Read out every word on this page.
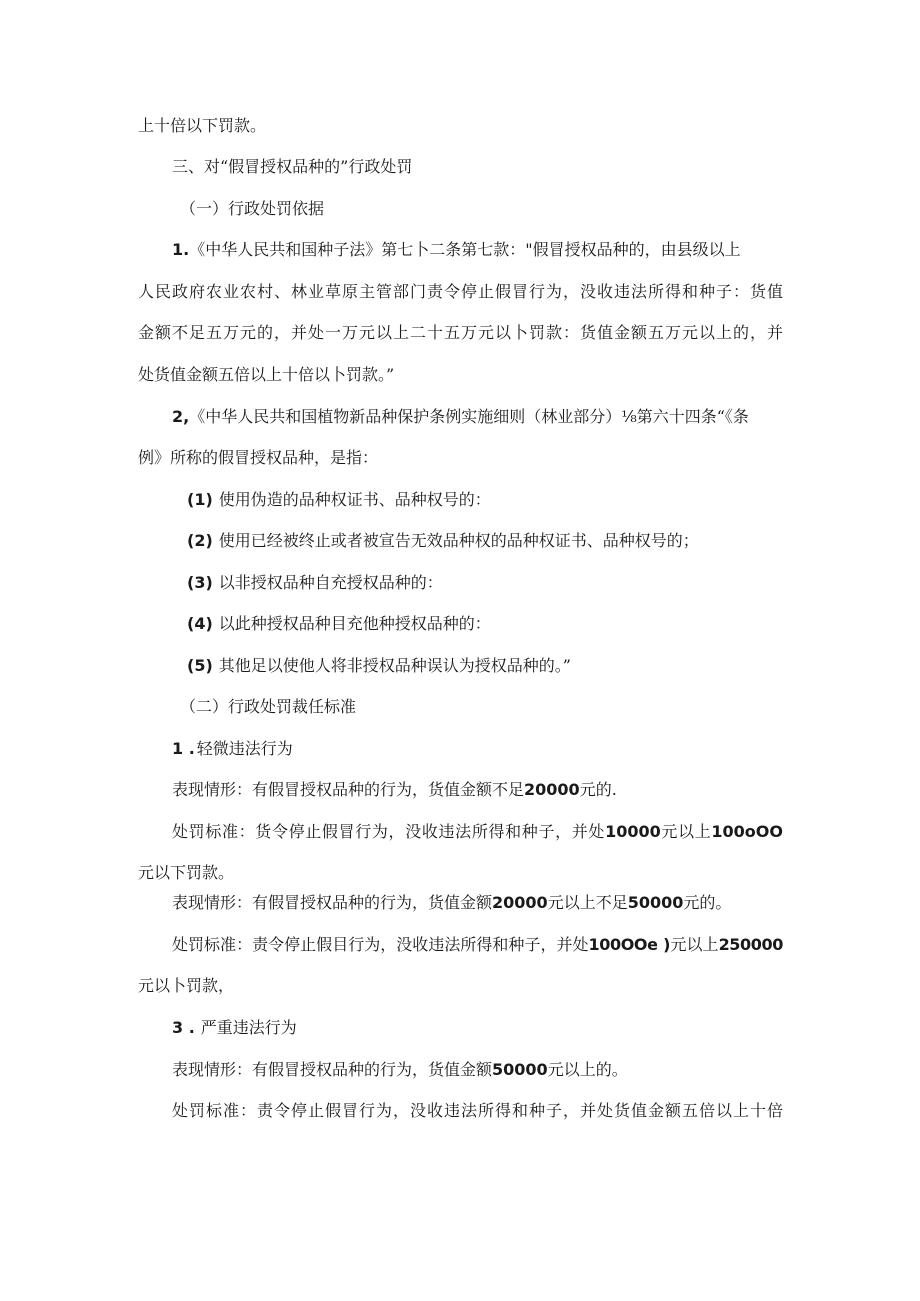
上十倍以下罚款。

三、对“假冒授权品种的”行政处罚

（一）行政处罚依据

1.《中华人民共和国种子法》第七卜二条第七款："假冒授权品种的，由县级以上

人民政府农业农村、林业草原主管部门责令停止假冒行为，没收违法所得和种子：货值

金额不足五万元的，并处一万元以上二十五万元以卜罚款：货值金额五万元以上的，并

处货值金额五倍以上十倍以卜罚款。”

2,《中华人民共和国植物新品种保护条例实施细则（林业部分）⅛第六十四条“《条

例》所称的假冒授权品种，是指：

(1) 使用伪造的品种权证书、品种权号的：

(2) 使用已经被终止或者被宣告无效品种权的品种权证书、品种权号的；

(3) 以非授权品种自充授权品种的：

(4) 以此种授权品种目充他种授权品种的：

(5) 其他足以使他人将非授权品种误认为授权品种的。”

（二）行政处罚裁任标准

1 . 轻微违法行为

表现情形：有假冒授权品种的行为，货值金额不足20000元的.

处罚标准：货令停止假冒行为，没收违法所得和种子，并处10000元以上100oOO

元以下罚款。

表现情形：有假冒授权品种的行为，货值金额20000元以上不足50000元的。

处罚标准：责令停止假目行为，没收违法所得和种子，并处100OOe )元以上250000

元以卜罚款，

3 . 严重违法行为

表现情形：有假冒授权品种的行为，货值金额50000元以上的。

处罚标准：责令停止假冒行为，没收违法所得和种子，并处货值金额五倍以上十倍
